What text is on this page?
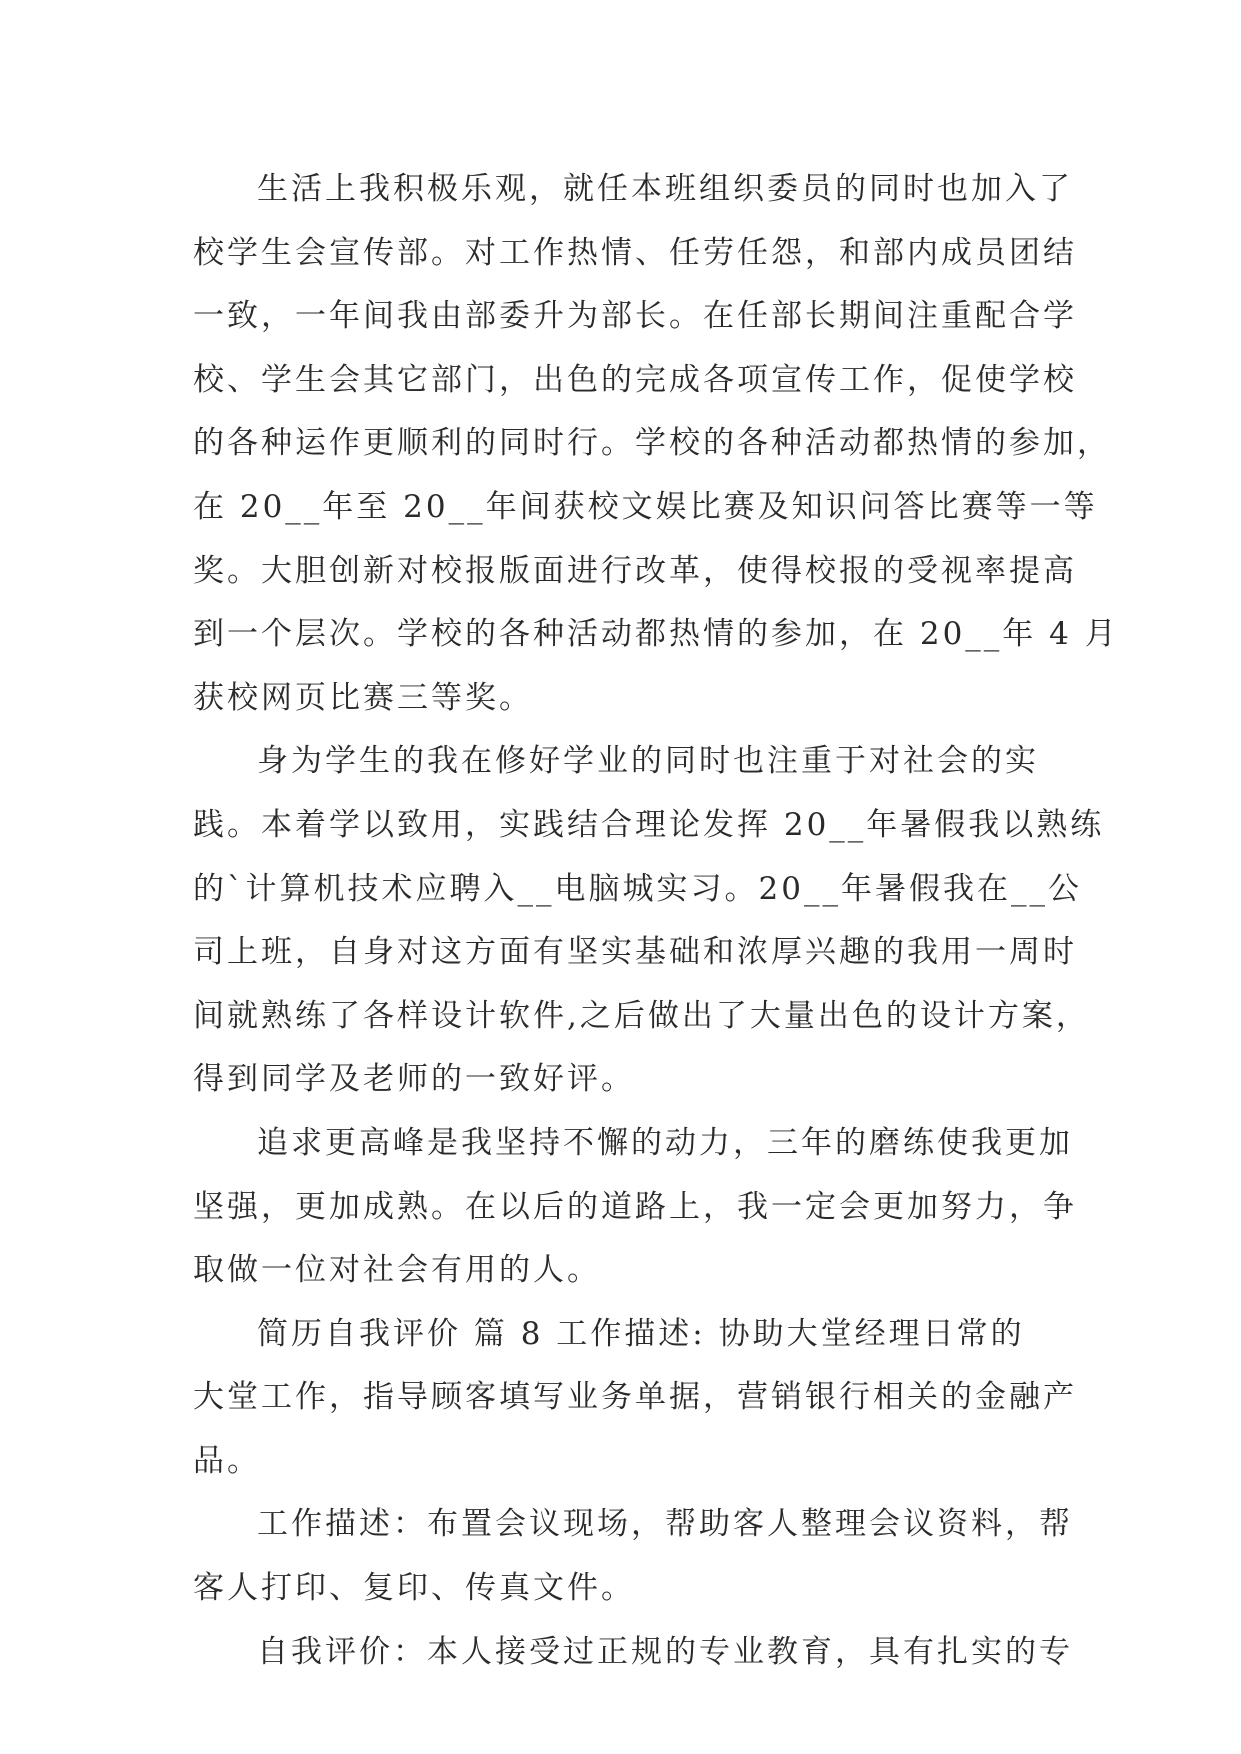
生活上我积极乐观，就任本班组织委员的同时也加入了
校学生会宣传部。对工作热情、任劳任怨，和部内成员团结
一致，一年间我由部委升为部长。在任部长期间注重配合学
校、学生会其它部门，出色的完成各项宣传工作，促使学校
的各种运作更顺利的同时行。学校的各种活动都热情的参加，
在 20__年至 20__年间获校文娱比赛及知识问答比赛等一等
奖。大胆创新对校报版面进行改革，使得校报的受视率提高
到一个层次。学校的各种活动都热情的参加，在 20__年 4 月
获校网页比赛三等奖。
身为学生的我在修好学业的同时也注重于对社会的实
践。本着学以致用，实践结合理论发挥 20__年暑假我以熟练
的`计算机技术应聘入__电脑城实习。20__年暑假我在__公
司上班，自身对这方面有坚实基础和浓厚兴趣的我用一周时
间就熟练了各样设计软件,之后做出了大量出色的设计方案，
得到同学及老师的一致好评。
追求更高峰是我坚持不懈的动力，三年的磨练使我更加
坚强，更加成熟。在以后的道路上，我一定会更加努力，争
取做一位对社会有用的人。
简历自我评价 篇 8 工作描述: 协助大堂经理日常的
大堂工作，指导顾客填写业务单据，营销银行相关的金融产
品。
工作描述：布置会议现场，帮助客人整理会议资料，帮
客人打印、复印、传真文件。
自我评价：本人接受过正规的专业教育，具有扎实的专
